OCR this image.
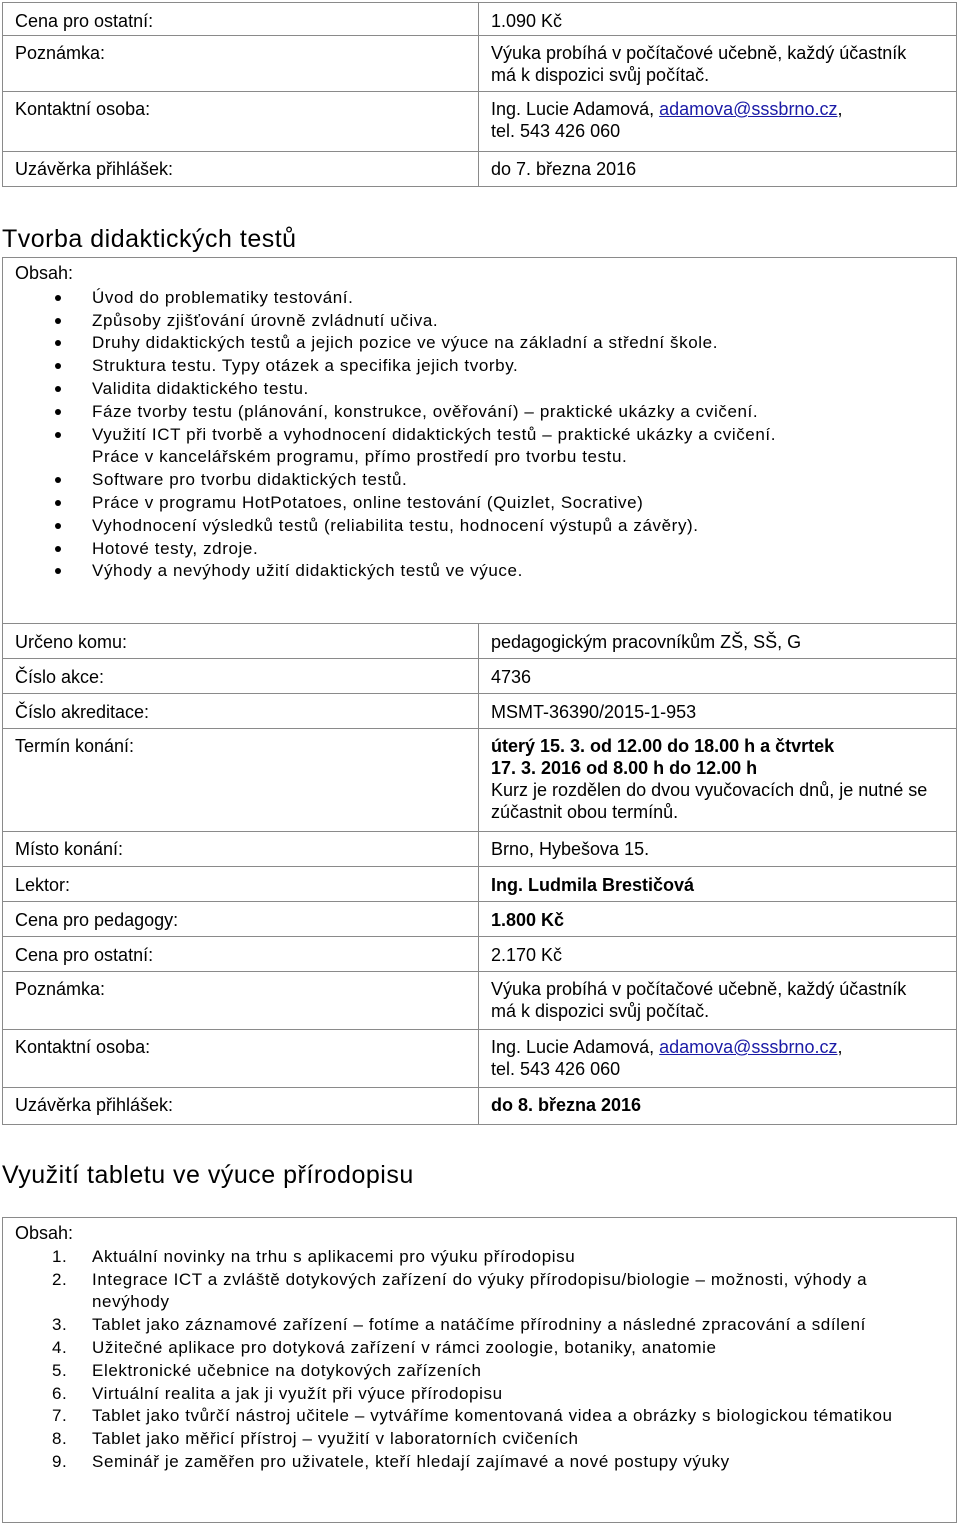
Cena pro ostatní:	1.090 Kč
Poznámka:	Výuka probíhá v počítačové učebně, každý účastník má k dispozici svůj počítač.
Kontaktní osoba:	Ing. Lucie Adamová, adamova@sssbrno.cz,
tel. 543 426 060
Uzávěrka přihlášek:	do 7. března 2016
Tvorba didaktických testů
Obsah:
Úvod do problematiky testování.
Způsoby zjišťování úrovně zvládnutí učiva.
Druhy didaktických testů a jejich pozice ve výuce na základní a střední škole.
Struktura testu. Typy otázek a specifika jejich tvorby.
Validita didaktického testu.
Fáze tvorby testu (plánování, konstrukce, ověřování) – praktické ukázky a cvičení.
Využití ICT při tvorbě a vyhodnocení didaktických testů – praktické ukázky a cvičení.
Práce v kancelářském programu, přímo prostředí pro tvorbu testu.
Software pro tvorbu didaktických testů.
Práce v programu HotPotatoes, online testování (Quizlet, Socrative)
Vyhodnocení výsledků testů (reliabilita testu, hodnocení výstupů a závěry).
Hotové testy, zdroje.
Výhody a nevýhody užití didaktických testů ve výuce.
Určeno komu:	pedagogickým pracovníkům ZŠ, SŠ, G
Číslo akce:	4736
Číslo akreditace:	MSMT-36390/2015-1-953
Termín konání:	úterý 15. 3. od 12.00 do 18.00 h a čtvrtek
17. 3. 2016 od 8.00 h do 12.00 h
Kurz je rozdělen do dvou vyučovacích dnů, je nutné se zúčastnit obou termínů.

Místo konání:	Brno, Hybešova 15.
Lektor:	Ing. Ludmila Brestičová
Cena pro pedagogy:	1.800 Kč
Cena pro ostatní:	2.170 Kč
Poznámka:	Výuka probíhá v počítačové učebně, každý účastník má k dispozici svůj počítač.
Kontaktní osoba:	Ing. Lucie Adamová, adamova@sssbrno.cz,
tel. 543 426 060
Uzávěrka přihlášek:	do 8. března 2016
Využití tabletu ve výuce přírodopisu
Obsah:
1. Aktuální novinky na trhu s aplikacemi pro výuku přírodopisu
2. Integrace ICT a zvláště dotykových zařízení do výuky přírodopisu/biologie – možnosti, výhody a nevýhody
3. Tablet jako záznamové zařízení – fotíme a natáčíme přírodniny a následné zpracování a sdílení
4. Užitečné aplikace pro dotyková zařízení v rámci zoologie, botaniky, anatomie
5. Elektronické učebnice na dotykových zařízeních
6. Virtuální realita a jak ji využít při výuce přírodopisu
7. Tablet jako tvůrčí nástroj učitele – vytváříme komentovaná videa a obrázky s biologickou tématikou
8. Tablet jako měřicí přístroj – využití v laboratorních cvičeních
9. Seminář je zaměřen pro uživatele, kteří hledají zajímavé a nové postupy výuky
